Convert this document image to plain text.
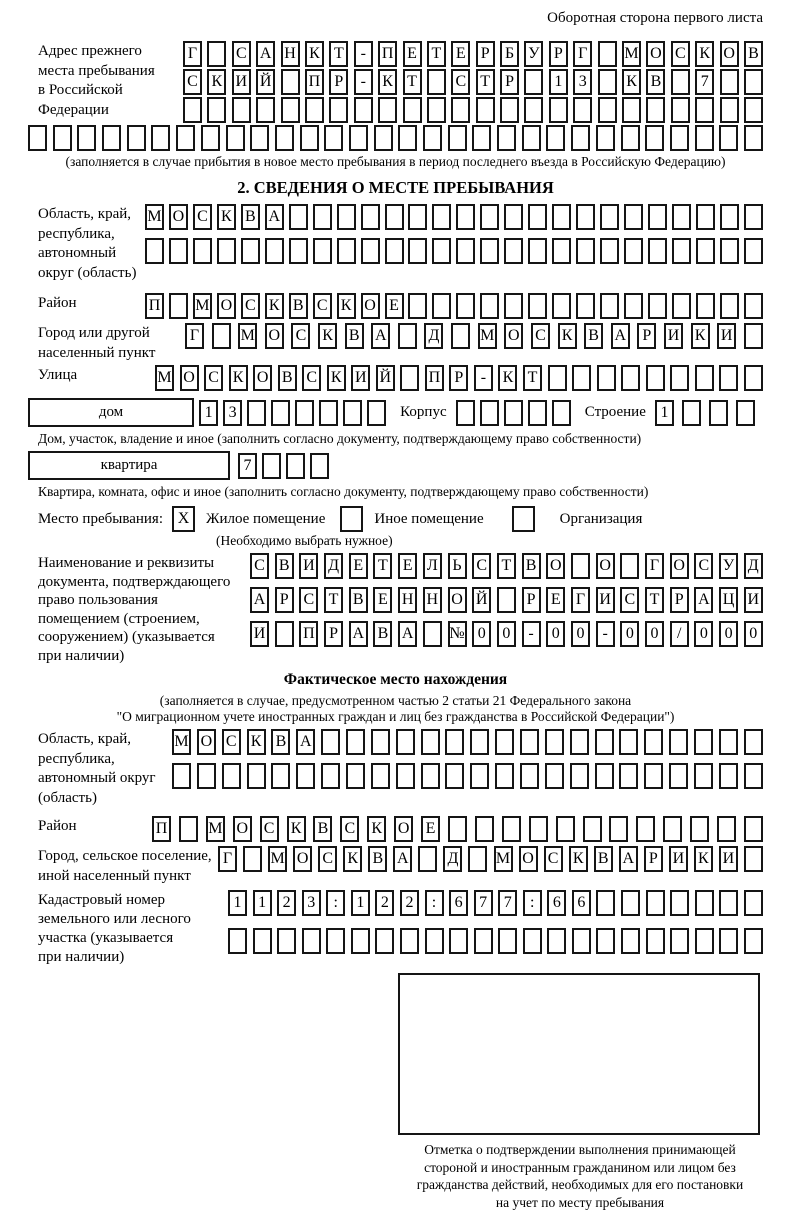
Оборотная сторона первого листа
Адрес прежнего
места пребывания
в Российской
Федерации
Г	С А Н К Т	- П Е Т Е Р Б У Р Г	М О С К О В
С К И Й П Р	-	К Т С Т Р	1	3	К В	7
(заполняется в случае прибытия в новое место пребывания в период последнего въезда в Российскую Федерацию)
2. СВЕДЕНИЯ О МЕСТЕ ПРЕБЫВАНИЯ
Область, край,
республика,
автономный
округ (область)
М О С К В А
Район	П М О С К В С К О Е
Город или другой
населенный пункт
Г	М О С К В А	Д	М О С К В А	Р	И К И
Улица	М О С К О В С К И Й П Р	-	К Т
дом	1	3	Корпус	Строение 1
Дом, участок, владение и иное (заполнить согласно документу, подтверждающему право собственности)
квартира	7
Квартира, комната, офис и иное (заполнить согласно документу, подтверждающему право собственности)
Место пребывания: X	Жилое помещение	Иное помещение	Организация
(Необходимо выбрать нужное)
Наименование и реквизиты
документа, подтверждающего
право пользования
помещением (строением,
сооружением) (указывается
при наличии)
С В И Д Е Т Е Л Ь С Т В О О	Г О С У Д
А Р С Т В Е Н Н О Й	Р Е Г И С Т Р А Ц И
И П Р А В А № 0	0	-	0	0	-	0	0	/	0	0	0
Фактическое место нахождения
(заполняется в случае, предусмотренном частью 2 статьи 21 Федерального закона
"О миграционном учете иностранных граждан и лиц без гражданства в Российской Федерации")
Область, край,
республика,
автономный округ
(область)
М О С К В А
Район	П	М О С К В С К О Е
Город, сельское поселение,
иной населенный пункт
Г	М О С К В А Д М О С К В А Р И К И
Кадастровый номер
земельного или лесного
участка (указывается
при наличии)
1	1	2	3	:	1	2	2	:	6	7	7	:	6	6
Отметка о подтверждении выполнения принимающей
стороной и иностранным гражданином или лицом без
гражданства действий, необходимых для его постановки
на учет по месту пребывания
